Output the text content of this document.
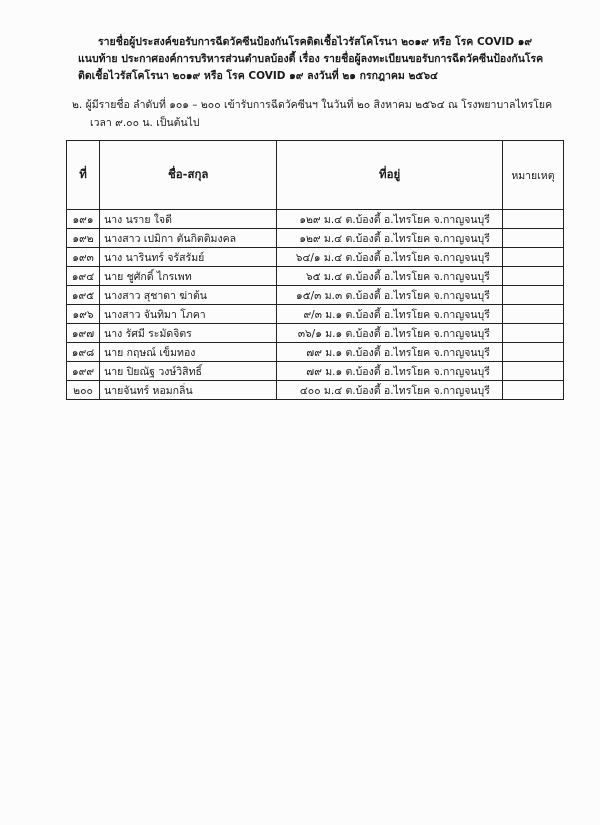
รายชื่อผู้ประสงค์ขอรับการฉีดวัคซีนป้องกันโรคติดเชื้อไวรัสโคโรนา ๒๐๑๙ หรือ โรค COVID ๑๙
แนบท้าย ประกาศองค์การบริหารส่วนตำบลบ้องตี้ เรื่อง รายชื่อผู้ลงทะเบียนขอรับการฉีดวัคซีนป้องกันโรคติดเชื้อไวรัสโคโรนา ๒๐๑๙ หรือ โรค COVID ๑๙ ลงวันที่ ๒๑ กรกฎาคม ๒๕๖๔
๒. ผู้มีรายชื่อ ลำดับที่ ๑๐๑ – ๒๐๐ เข้ารับการฉีดวัคซีนฯ ในวันที่ ๒๐ สิงหาคม ๒๕๖๔ ณ โรงพยาบาลไทรโยค
เวลา ๙.๐๐ น. เป็นต้นไป
ที่	ชื่อ-สกุล	ที่อยู่	หมายเหตุ
๑๙๑	นาง นราย ใจดี	๑๒๙ ม.๔ ต.บ้องตี้ อ.ไทรโยค จ.กาญจนบุรี	
๑๙๒	นางสาว เปมิกา ตันกิตติมงคล	๑๒๙ ม.๔ ต.บ้องตี้ อ.ไทรโยค จ.กาญจนบุรี	
๑๙๓	นาง นารินทร์ จรัสรัมย์	๖๔/๑ ม.๔ ต.บ้องตี้ อ.ไทรโยค จ.กาญจนบุรี	
๑๙๔	นาย ชูศักดิ์ ไกรเพท	๖๕ ม.๔ ต.บ้องตี้ อ.ไทรโยค จ.กาญจนบุรี	
๑๙๕	นางสาว สุชาดา ฆ่าต้น	๑๕/๓ ม.๓ ต.บ้องตี้ อ.ไทรโยค จ.กาญจนบุรี	
๑๙๖	นางสาว จันทิมา โภคา	๙/๓ ม.๑ ต.บ้องตี้ อ.ไทรโยค จ.กาญจนบุรี	
๑๙๗	นาง รัศมี ระมัดจิตร	๓๖/๑ ม.๑ ต.บ้องตี้ อ.ไทรโยค จ.กาญจนบุรี	
๑๙๘	นาย กฤษณ์ เข็มทอง	๗๙ ม.๑ ต.บ้องตี้ อ.ไทรโยค จ.กาญจนบุรี	
๑๙๙	นาย ปิยณัฐ วงษ์วิสิทธิ์	๗๙ ม.๑ ต.บ้องตี้ อ.ไทรโยค จ.กาญจนบุรี	
๒๐๐	นายจันทร์ หอมกลิ่น	๔๐๐ ม.๔ ต.บ้องตี้ อ.ไทรโยค จ.กาญจนบุรี	
